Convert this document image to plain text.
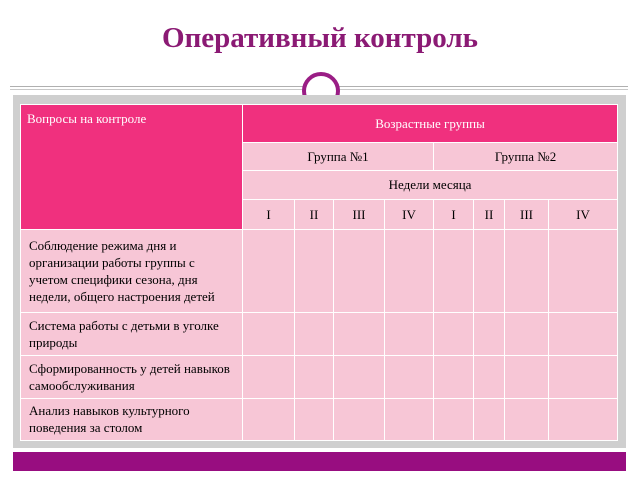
Оперативный контроль
Вопросы на контроле	Возрастные группы							
	Группа №1				Группа №2			
	Недели месяца							
	I	II	III	IV	I	II	III	IV
Соблюдение режима дня и организации работы группы с учетом специфики сезона, дня недели, общего настроения детей								
Система работы с детьми в уголке природы								
Сформированность у детей навыков самообслуживания								
Анализ навыков культурного поведения за столом								
